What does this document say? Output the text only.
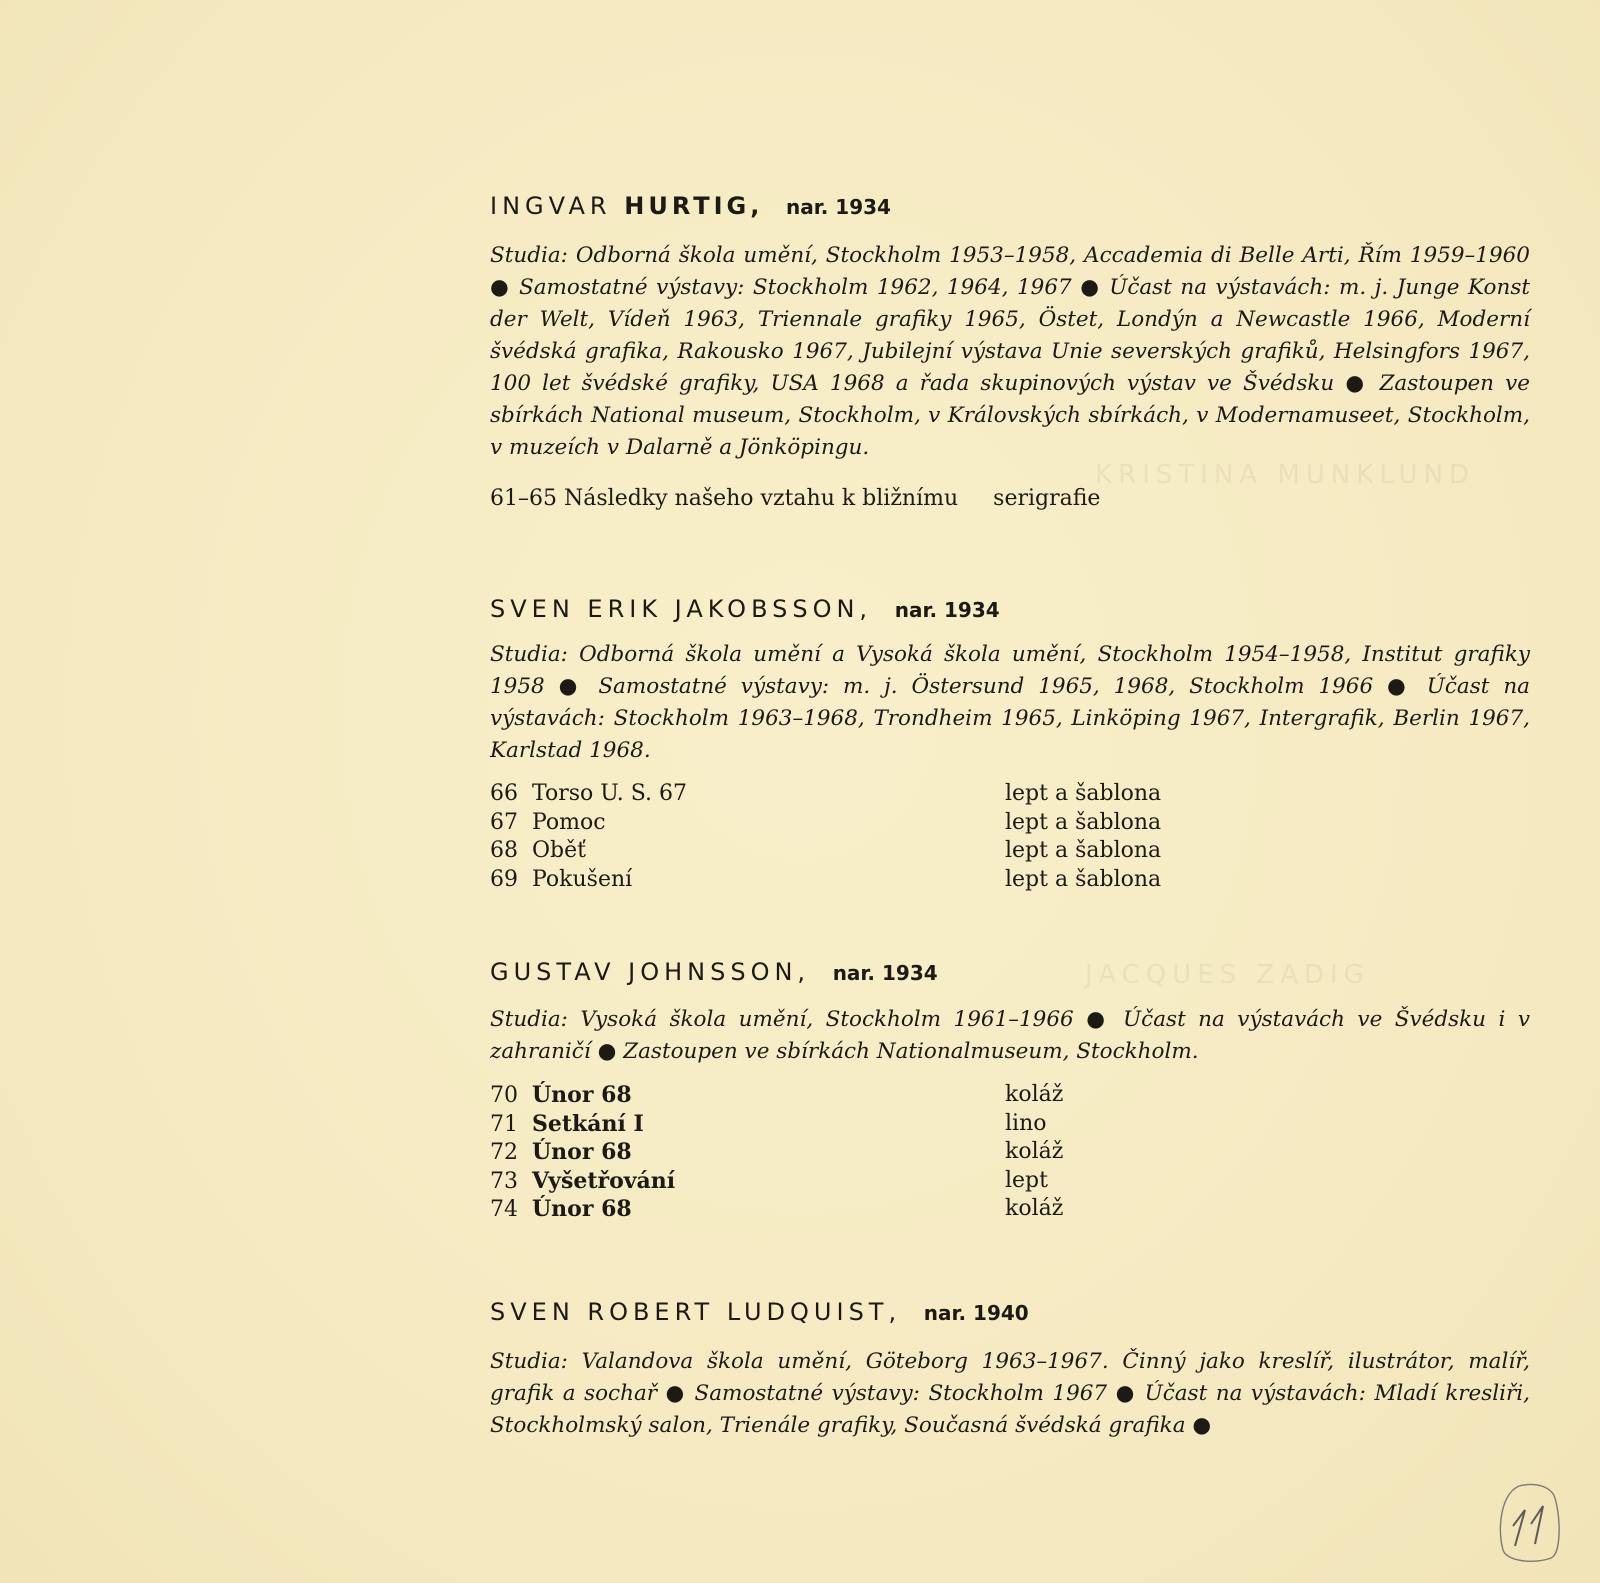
KRISTINA MUNKLUND
JACQUES ZADIG
INGVAR HURTIG, nar. 1934

Studia: Odborná škola umění, Stockholm 1953–1958, Accademia di Belle Arti, Řím 1959–1960 ● Samostatné výstavy: Stockholm 1962, 1964, 1967 ● Účast na výstavách: m. j. Junge Konst der Welt, Vídeň 1963, Triennale grafiky 1965, Östet, Londýn a Newcastle 1966, Moderní švédská grafika, Rakousko 1967, Jubilejní výstava Unie severských grafiků, Helsingfors 1967, 100 let švédské grafiky, USA 1968 a řada skupinových výstav ve Švédsku ● Zastoupen ve sbírkách National museum, Stockholm, v Královských sbírkách, v Modernamuseet, Stockholm, v muzeích v Dalarně a Jönköpingu.

61–65 Následky našeho vztahu k bližnímu serigrafie
SVEN ERIK JAKOBSSON, nar. 1934

Studia: Odborná škola umění a Vysoká škola umění, Stockholm 1954–1958, Institut grafiky 1958 ● Samostatné výstavy: m. j. Östersund 1965, 1968, Stockholm 1966 ● Účast na výstavách: Stockholm 1963–1968, Trondheim 1965, Linköping 1967, Intergrafik, Berlin 1967, Karlstad 1968.

66 Torso U. S. 67	lept a šablona
67 Pomoc	lept a šablona
68 Oběť	lept a šablona
69 Pokušení	lept a šablona
GUSTAV JOHNSSON, nar. 1934

Studia: Vysoká škola umění, Stockholm 1961–1966 ● Účast na výstavách ve Švédsku i v zahraničí ● Zastoupen ve sbírkách Nationalmuseum, Stockholm.

70 Únor 68	koláž
71 Setkání I	lino
72 Únor 68	koláž
73 Vyšetřování	lept
74 Únor 68	koláž
SVEN ROBERT LUDQUIST, nar. 1940

Studia: Valandova škola umění, Göteborg 1963–1967. Činný jako kreslíř, ilustrátor, malíř, grafik a sochař ● Samostatné výstavy: Stockholm 1967 ● Účast na výstavách: Mladí kresliři, Stockholmský salon, Trienále grafiky, Současná švédská grafika ●
